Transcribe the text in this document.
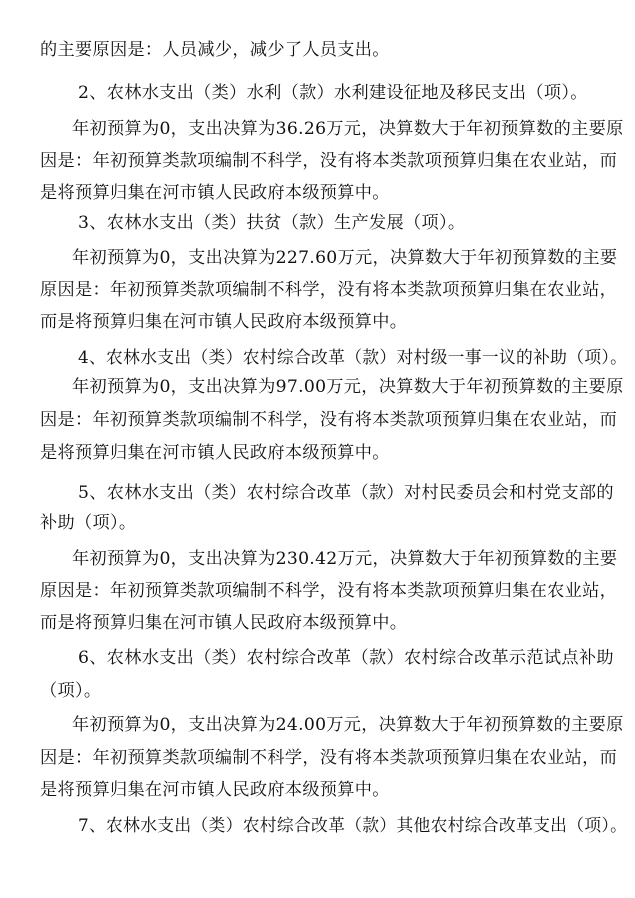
的主要原因是：人员减少，减少了人员支出。
2、农林水支出（类）水利（款）水利建设征地及移民支出（项）。
年初预算为0，支出决算为36.26万元，决算数大于年初预算数的主要原
因是：年初预算类款项编制不科学，没有将本类款项预算归集在农业站，而
是将预算归集在河市镇人民政府本级预算中。
3、农林水支出（类）扶贫（款）生产发展（项）。
年初预算为0，支出决算为227.60万元，决算数大于年初预算数的主要
原因是：年初预算类款项编制不科学，没有将本类款项预算归集在农业站，
而是将预算归集在河市镇人民政府本级预算中。
4、农林水支出（类）农村综合改革（款）对村级一事一议的补助（项）。
年初预算为0，支出决算为97.00万元，决算数大于年初预算数的主要原
因是：年初预算类款项编制不科学，没有将本类款项预算归集在农业站，而
是将预算归集在河市镇人民政府本级预算中。
5、农林水支出（类）农村综合改革（款）对村民委员会和村党支部的
补助（项）。
年初预算为0，支出决算为230.42万元，决算数大于年初预算数的主要
原因是：年初预算类款项编制不科学，没有将本类款项预算归集在农业站，
而是将预算归集在河市镇人民政府本级预算中。
6、农林水支出（类）农村综合改革（款）农村综合改革示范试点补助
（项）。
年初预算为0，支出决算为24.00万元，决算数大于年初预算数的主要原
因是：年初预算类款项编制不科学，没有将本类款项预算归集在农业站，而
是将预算归集在河市镇人民政府本级预算中。
7、农林水支出（类）农村综合改革（款）其他农村综合改革支出（项）。
